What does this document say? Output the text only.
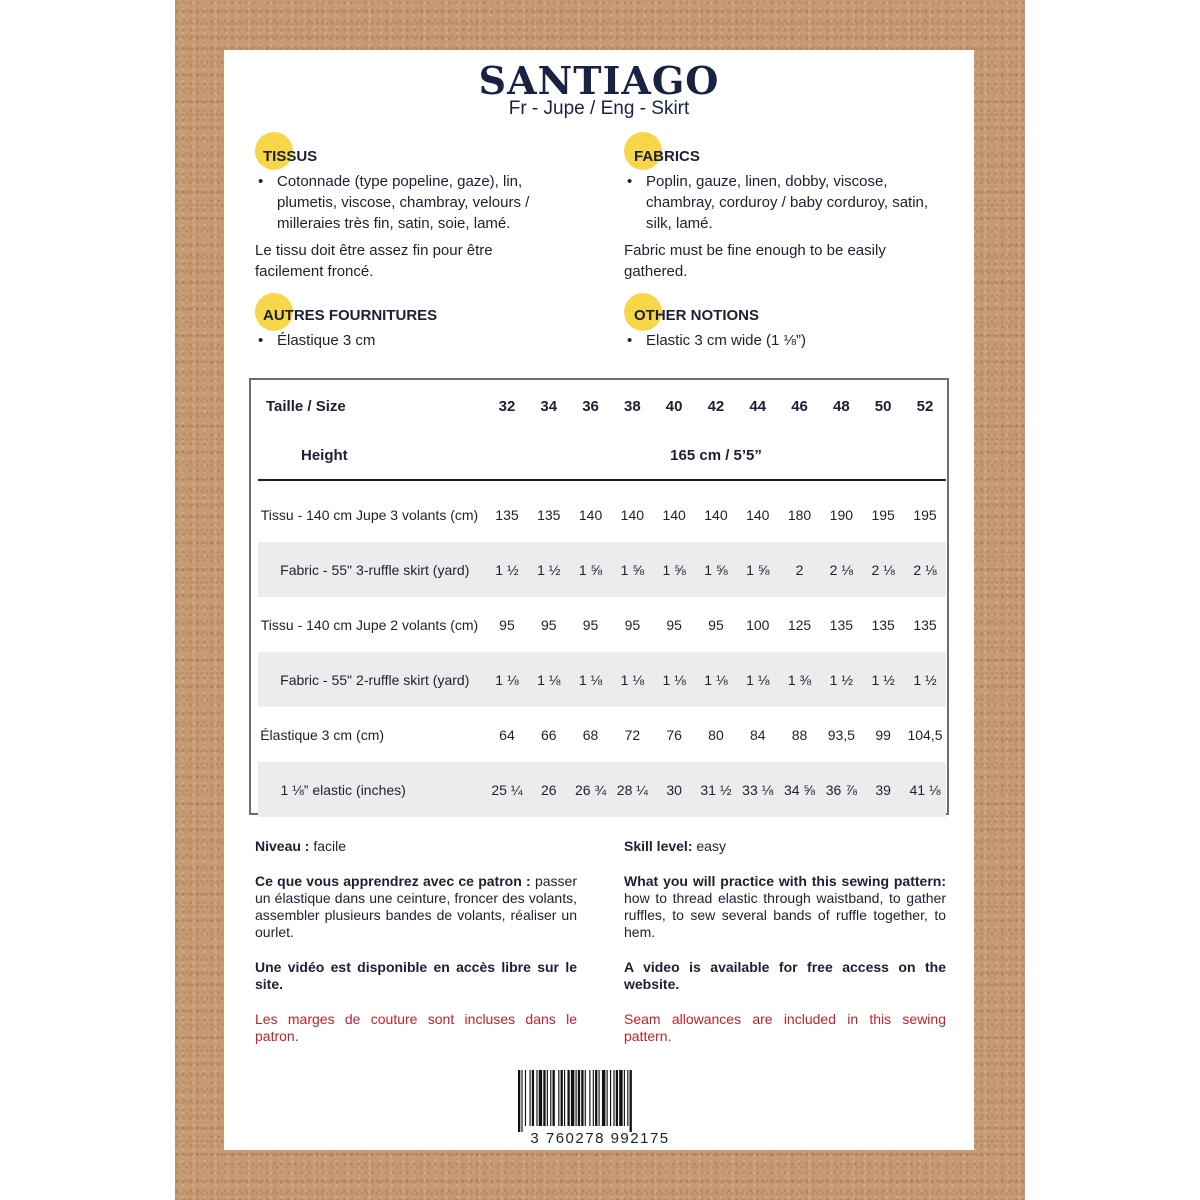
SANTIAGO
Fr - Jupe / Eng - Skirt
TISSUS
• Cotonnade (type popeline, gaze), lin, plumetis, viscose, chambray, velours / milleraies très fin, satin, soie, lamé.
Le tissu doit être assez fin pour être facilement froncé.
FABRICS
• Poplin, gauze, linen, dobby, viscose, chambray, corduroy / baby corduroy, satin, silk, lamé.
Fabric must be fine enough to be easily gathered.
AUTRES FOURNITURES
• Élastique 3 cm
OTHER NOTIONS
• Elastic 3 cm wide (1 ⅛”)
Taille / Size		32	34	36	38	40	42	44	46	48	50	52
Height		165 cm / 5’5”										

Tissu - 140 cm	Jupe 3 volants (cm)	135	135	140	140	140	140	140	180	190	195	195
Fabric - 55"	3-ruffle skirt (yard)	1 ½	1 ½	1 ⅝	1 ⅝	1 ⅝	1 ⅝	1 ⅝	2	2 ⅛	2 ⅛	2 ⅛
Tissu - 140 cm	Jupe 2 volants (cm)	95	95	95	95	95	95	100	125	135	135	135
Fabric - 55"	2-ruffle skirt (yard)	1 ⅛	1 ⅛	1 ⅛	1 ⅛	1 ⅛	1 ⅛	1 ⅛	1 ⅜	1 ½	1 ½	1 ½
Élastique 3 cm	(cm)	64	66	68	72	76	80	84	88	93,5	99	104,5
1 ⅛” elastic	(inches)	25 ¼	26	26 ¾	28 ¼	30	31 ½	33 ⅛	34 ⅝	36 ⅞	39	41 ⅛

Niveau : facile

Ce que vous apprendrez avec ce patron : passer un élastique dans une ceinture, froncer des volants, assembler plusieurs bandes de volants, réaliser un ourlet.

Une vidéo est disponible en accès libre sur le site.

Les marges de couture sont incluses dans le patron.

Skill level: easy

What you will practice with this sewing pattern: how to thread elastic through waistband, to gather ruffles, to sew several bands of ruffle together, to hem.

A video is available for free access on the website.

Seam allowances are included in this sewing pattern.

3 760278 992175
